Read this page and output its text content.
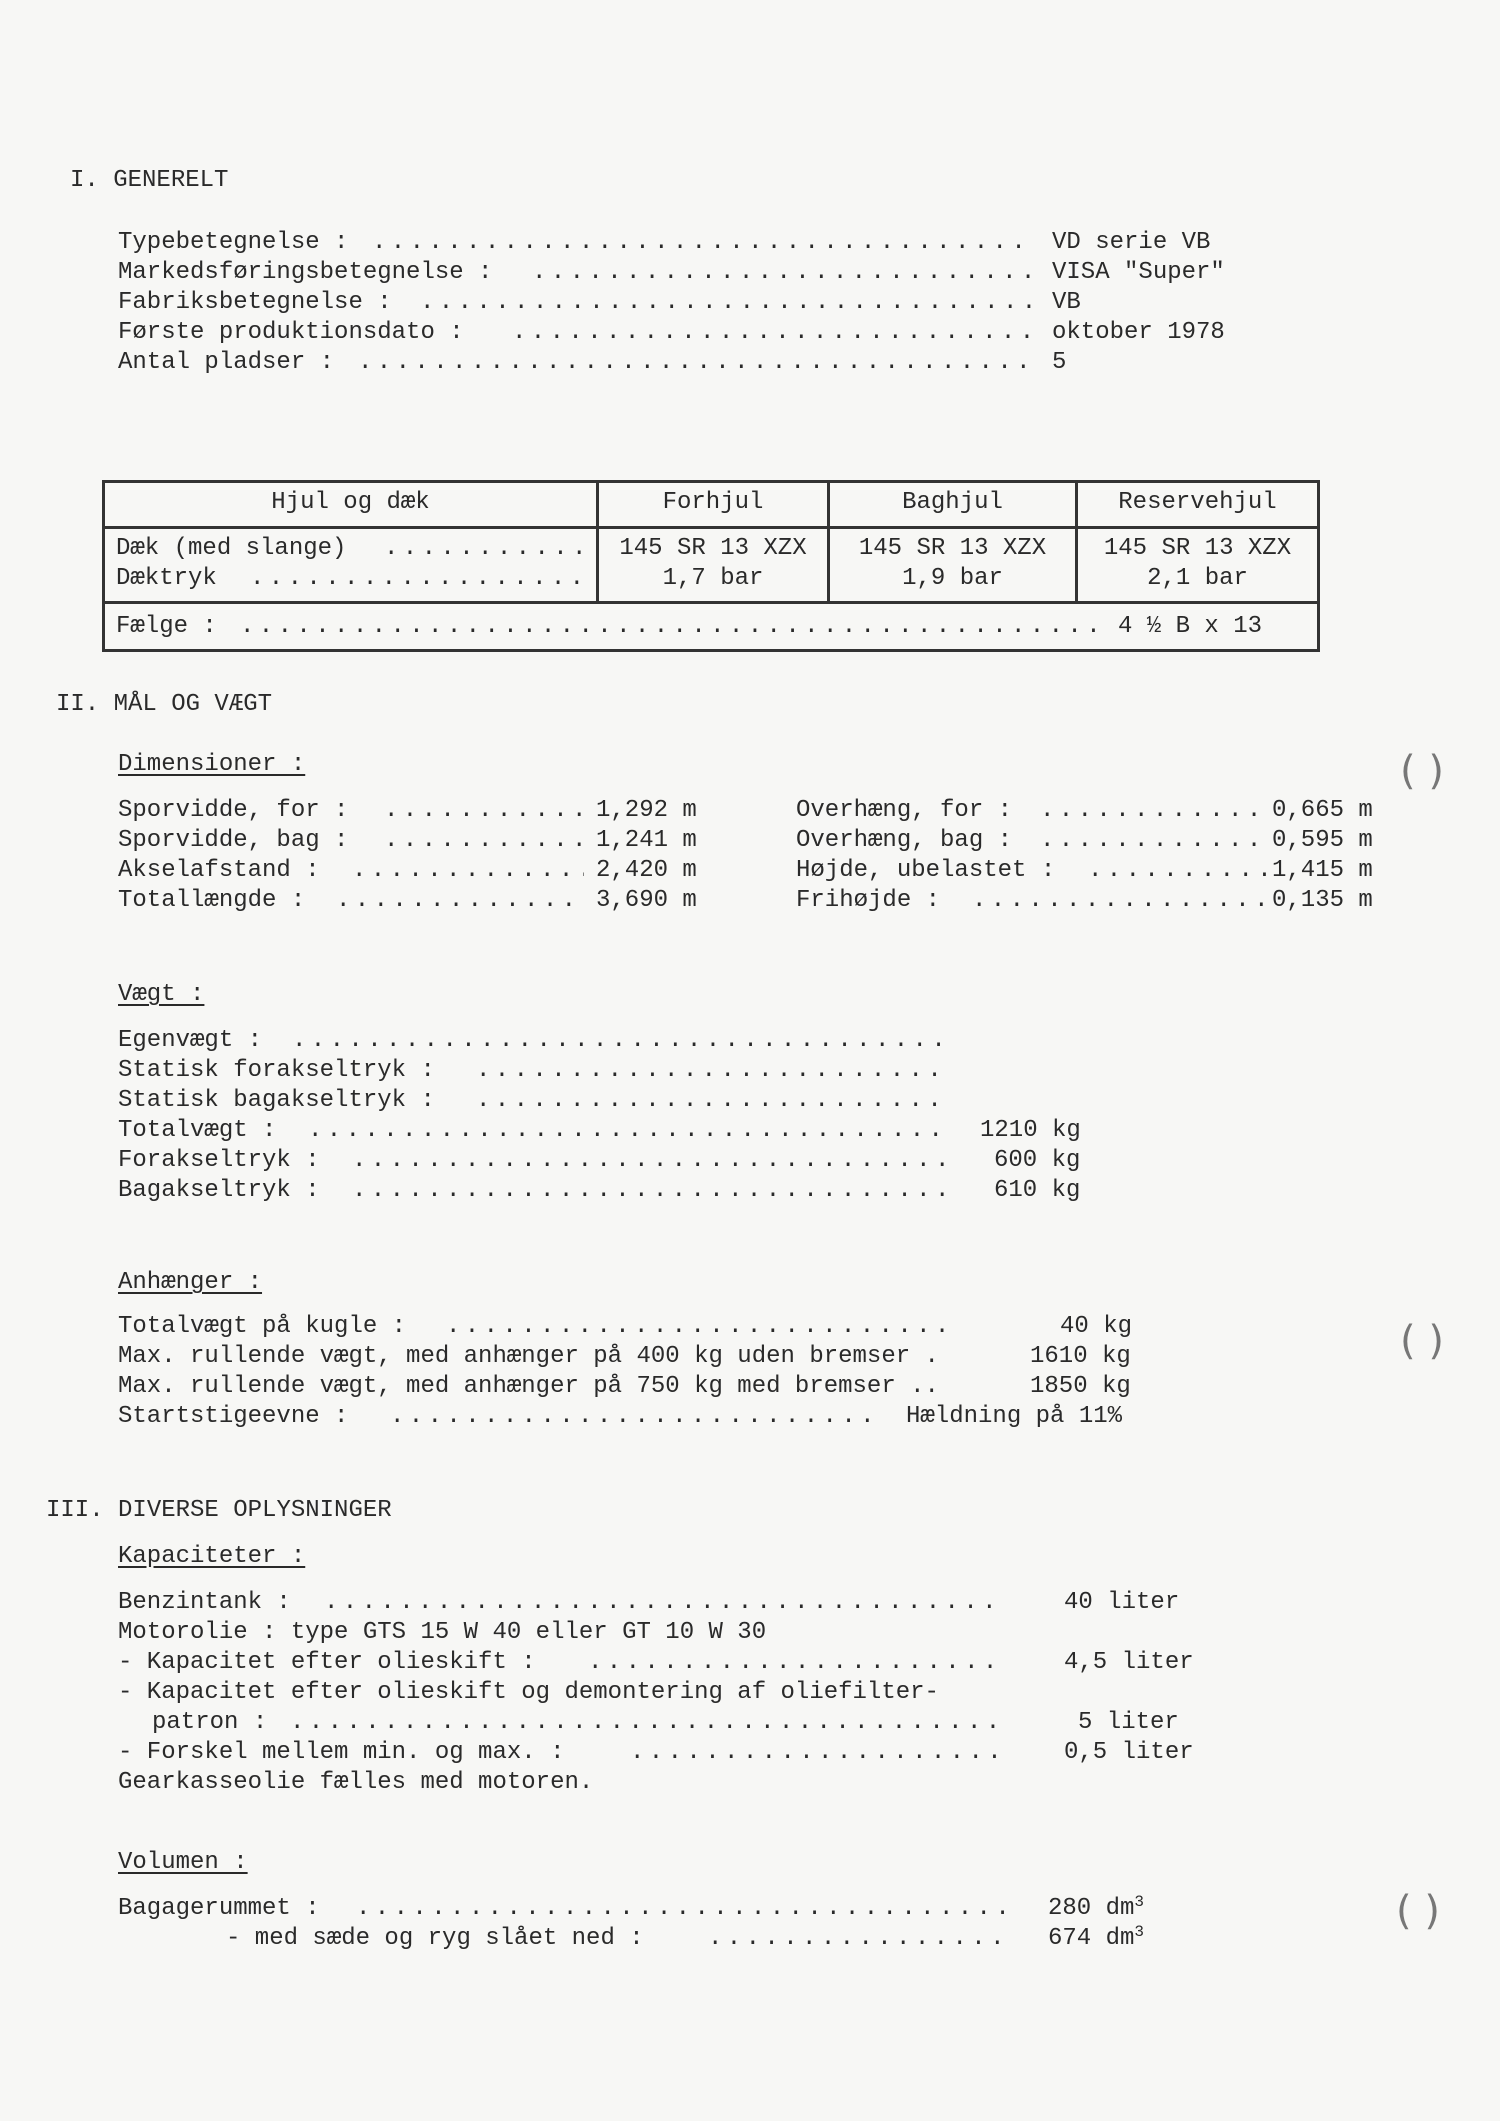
I. GENERELT
Typebetegnelse : . . .	VD serie VB
Markedsføringsbetegnelse : . . .	VISA "Super"
Fabriksbetegnelse : . . .	VB
Første produktionsdato : . . .	oktober 1978
Antal pladser : . . .	5
Hjul og dæk	Forhjul	Baghjul	Reservehjul
Dæk (med slange) . . .	145 SR 13 XZX	145 SR 13 XZX	145 SR 13 XZX
Dæktryk . . .	1,7 bar	1,9 bar	2,1 bar
Fælge : . . .	4 ½ B x 13
II. MÅL OG VÆGT
Dimensioner :
Sporvidde, for : . . .	1,292 m
Sporvidde, bag : . . .	1,241 m
Akselafstand : . . .	2,420 m
Totallængde : . . .	3,690 m
Overhæng, for : . . .	0,665 m
Overhæng, bag : . . .	0,595 m
Højde, ubelastet : . . .	1,415 m
Frihøjde : . . .	0,135 m
Vægt :
Egenvægt :
. . .
Statisk forakseltryk :
. . .
Statisk bagakseltryk :
. . .
Totalvægt : . . .	1210 kg
Forakseltryk : . . .	600 kg
Bagakseltryk : . . .	610 kg
Anhænger :
Totalvægt på kugle : . . .	40 kg
Max. rullende vægt, med anhænger på 400 kg uden bremser .	1610 kg
Max. rullende vægt, med anhænger på 750 kg med bremser ..	1850 kg
Startstigeevne : . . .	Hældning på 11%
III. DIVERSE OPLYSNINGER
Kapaciteter :
Benzintank : . . .	40 liter
Motorolie : type GTS 15 W 40 eller GT 10 W 30
- Kapacitet efter olieskift : . . .	4,5 liter
- Kapacitet efter olieskift og demontering af oliefilter-
patron : . . .	5 liter
- Forskel mellem min. og max. : . . .	0,5 liter
Gearkasseolie fælles med motoren.
Volumen :
Bagagerummet : . . .	280 $dm^3$
- med sæde og ryg slået ned : . . .	674 $dm^3$
( )
( )
( )
